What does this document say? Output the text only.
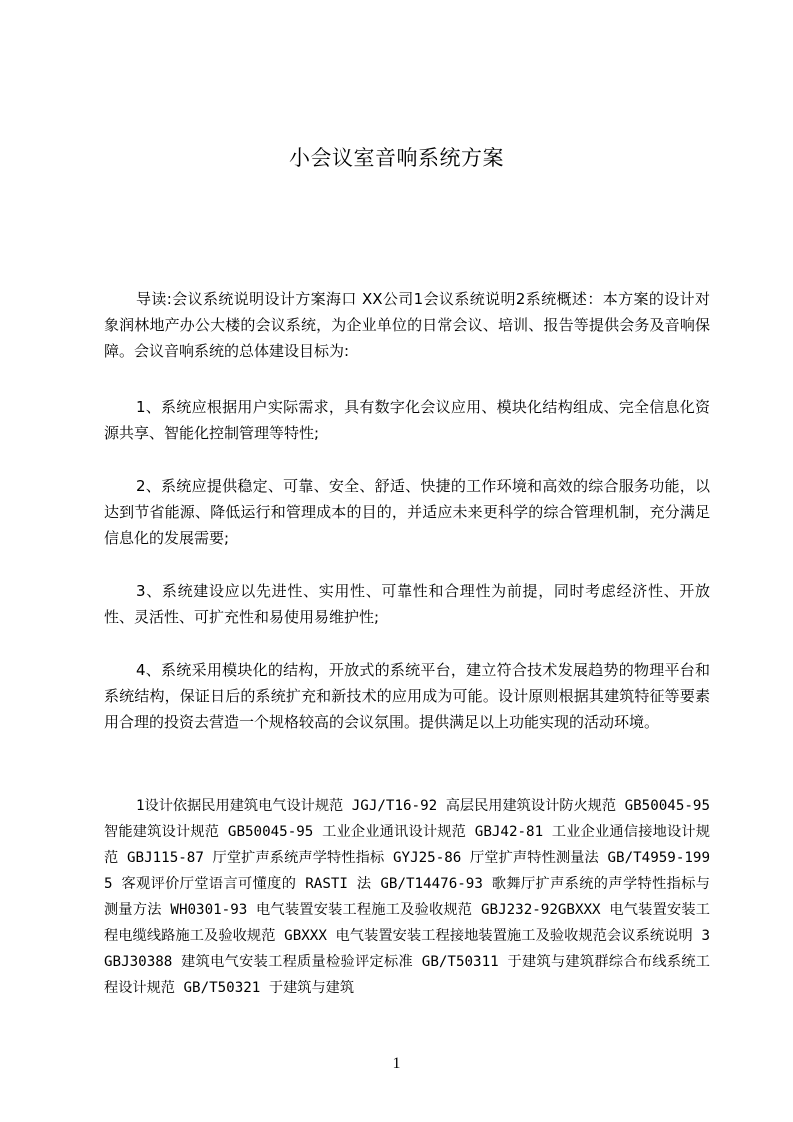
小会议室音响系统方案
导读:会议系统说明设计方案海口 XX公司1会议系统说明2系统概述：本方案的设计对象润林地产办公大楼的会议系统，为企业单位的日常会议、培训、报告等提供会务及音响保障。会议音响系统的总体建设目标为:
1、系统应根据用户实际需求，具有数字化会议应用、模块化结构组成、完全信息化资源共享、智能化控制管理等特性;
2、系统应提供稳定、可靠、安全、舒适、快捷的工作环境和高效的综合服务功能，以达到节省能源、降低运行和管理成本的目的，并适应未来更科学的综合管理机制，充分满足信息化的发展需要;
3、系统建设应以先进性、实用性、可靠性和合理性为前提，同时考虑经济性、开放性、灵活性、可扩充性和易使用易维护性;
4、系统采用模块化的结构，开放式的系统平台，建立符合技术发展趋势的物理平台和系统结构，保证日后的系统扩充和新技术的应用成为可能。设计原则根据其建筑特征等要素用合理的投资去营造一个规格较高的会议氛围。提供满足以上功能实现的活动环境。
1设计依据民用建筑电气设计规范 JGJ/T16-92 高层民用建筑设计防火规范 GB50045-95 智能建筑设计规范 GB50045-95 工业企业通讯设计规范 GBJ42-81 工业企业通信接地设计规范 GBJ115-87 厅堂扩声系统声学特性指标 GYJ25-86 厅堂扩声特性测量法 GB/T4959-1995 客观评价厅堂语言可懂度的 RASTI 法 GB/T14476-93 歌舞厅扩声系统的声学特性指标与测量方法 WH0301-93 电气装置安装工程施工及验收规范 GBJ232-92GBXXX 电气装置安装工程电缆线路施工及验收规范 GBXXX 电气装置安装工程接地装置施工及验收规范会议系统说明 3GBJ30388 建筑电气安装工程质量检验评定标准 GB/T50311 于建筑与建筑群综合布线系统工程设计规范 GB/T50321 于建筑与建筑
1
